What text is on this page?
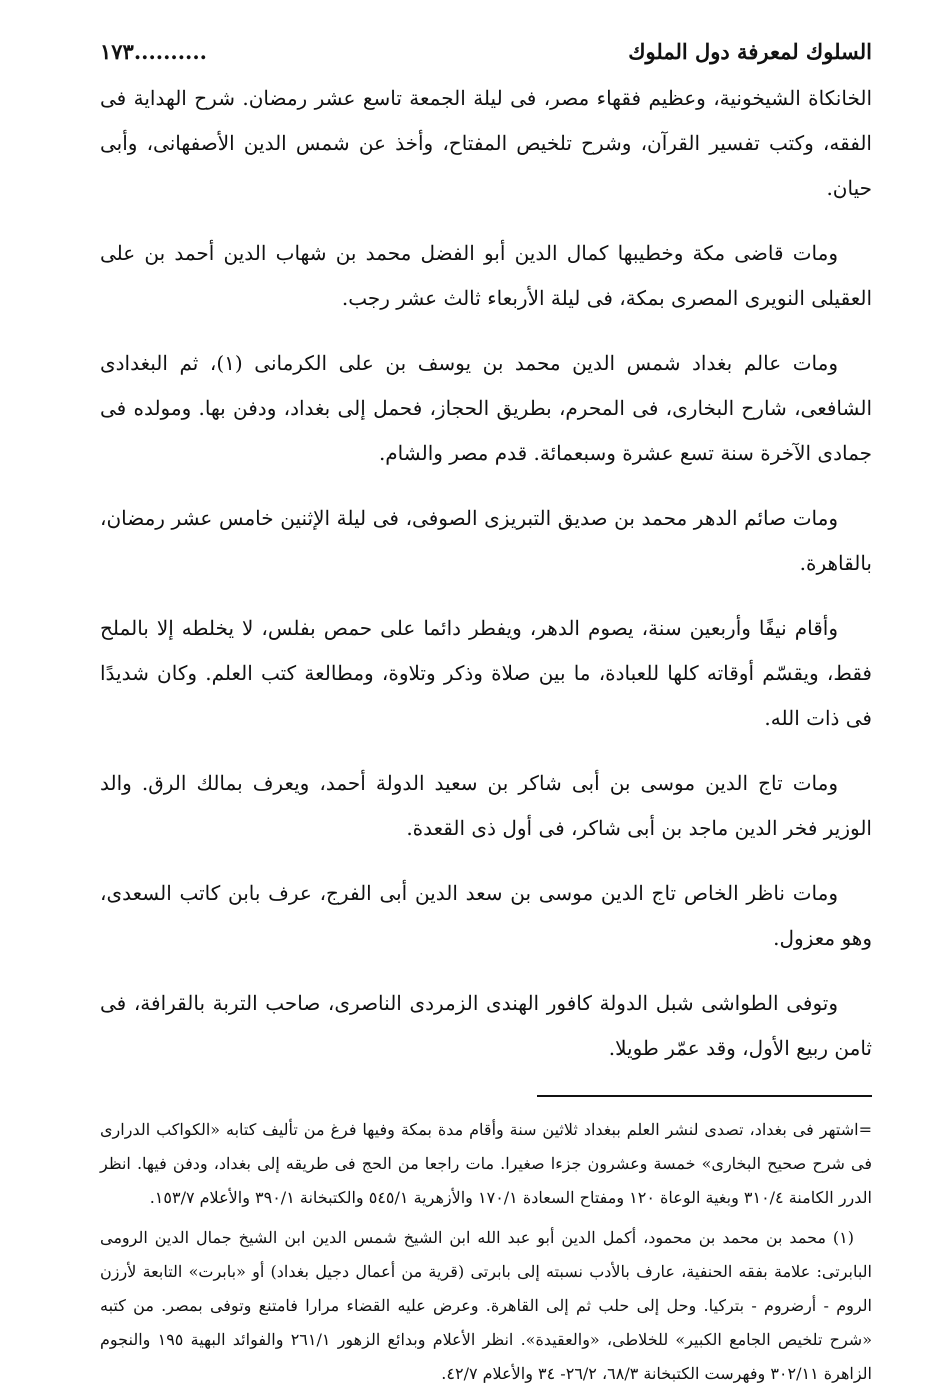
السلوك لمعرفة دول الملوك
..........١٧٣

الخانكاة الشيخونية، وعظيم فقهاء مصر، فى ليلة الجمعة تاسع عشر رمضان. شرح الهداية فى الفقه، وكتب تفسير القرآن، وشرح تلخيص المفتاح، وأخذ عن شمس الدين الأصفهانى، وأبى حيان.

ومات قاضى مكة وخطيبها كمال الدين أبو الفضل محمد بن شهاب الدين أحمد بن على العقيلى النويرى المصرى بمكة، فى ليلة الأربعاء ثالث عشر رجب.

ومات عالم بغداد شمس الدين محمد بن يوسف بن على الكرمانى (١)، ثم البغدادى الشافعى، شارح البخارى، فى المحرم، بطريق الحجاز، فحمل إلى بغداد، ودفن بها. ومولده فى جمادى الآخرة سنة تسع عشرة وسبعمائة. قدم مصر والشام.

ومات صائم الدهر محمد بن صديق التبريزى الصوفى، فى ليلة الإثنين خامس عشر رمضان، بالقاهرة.

وأقام نيفًا وأربعين سنة، يصوم الدهر، ويفطر دائما على حمص بفلس، لا يخلطه إلا بالملح فقط، ويقسّم أوقاته كلها للعبادة، ما بين صلاة وذكر وتلاوة، ومطالعة كتب العلم. وكان شديدًا فى ذات الله.

ومات تاج الدين موسى بن أبى شاكر بن سعيد الدولة أحمد، ويعرف بمالك الرق. والد الوزير فخر الدين ماجد بن أبى شاكر، فى أول ذى القعدة.

ومات ناظر الخاص تاج الدين موسى بن سعد الدين أبى الفرج، عرف بابن كاتب السعدى، وهو معزول.

وتوفى الطواشى شبل الدولة كافور الهندى الزمردى الناصرى، صاحب التربة بالقرافة، فى ثامن ربيع الأول، وقد عمّر طويلا.

=اشتهر فى بغداد، تصدى لنشر العلم ببغداد ثلاثين سنة وأقام مدة بمكة وفيها فرغ من تأليف كتابه «الكواكب الدرارى فى شرح صحيح البخارى» خمسة وعشرون جزءا صغيرا. مات راجعا من الحج فى طريقه إلى بغداد، ودفن فيها. انظر الدرر الكامنة ٣١٠/٤ وبغية الوعاة ١٢٠ ومفتاح السعادة ١٧٠/١ والأزهرية ٥٤٥/١ والكتبخانة ٣٩٠/١ والأعلام ١٥٣/٧.

(١) محمد بن محمد بن محمود، أكمل الدين أبو عبد الله ابن الشيخ شمس الدين ابن الشيخ جمال الدين الرومى البابرتى: علامة بفقه الحنفية، عارف بالأدب نسبته إلى بابرتى (قرية من أعمال دجيل بغداد) أو «بابرت» التابعة لأرزن الروم - أرضروم - بتركيا. وحل إلى حلب ثم إلى القاهرة. وعرض عليه القضاء مرارا فامتنع وتوفى بمصر. من كتبه «شرح تلخيص الجامع الكبير» للخلاطى، «والعقيدة». انظر الأعلام وبدائع الزهور ٢٦١/١ والفوائد البهية ١٩٥ والنجوم الزاهرة ٣٠٢/١١ وفهرست الكتبخانة ٦٨/٣، ٢٦/٢- ٣٤ والأعلام ٤٢/٧.
